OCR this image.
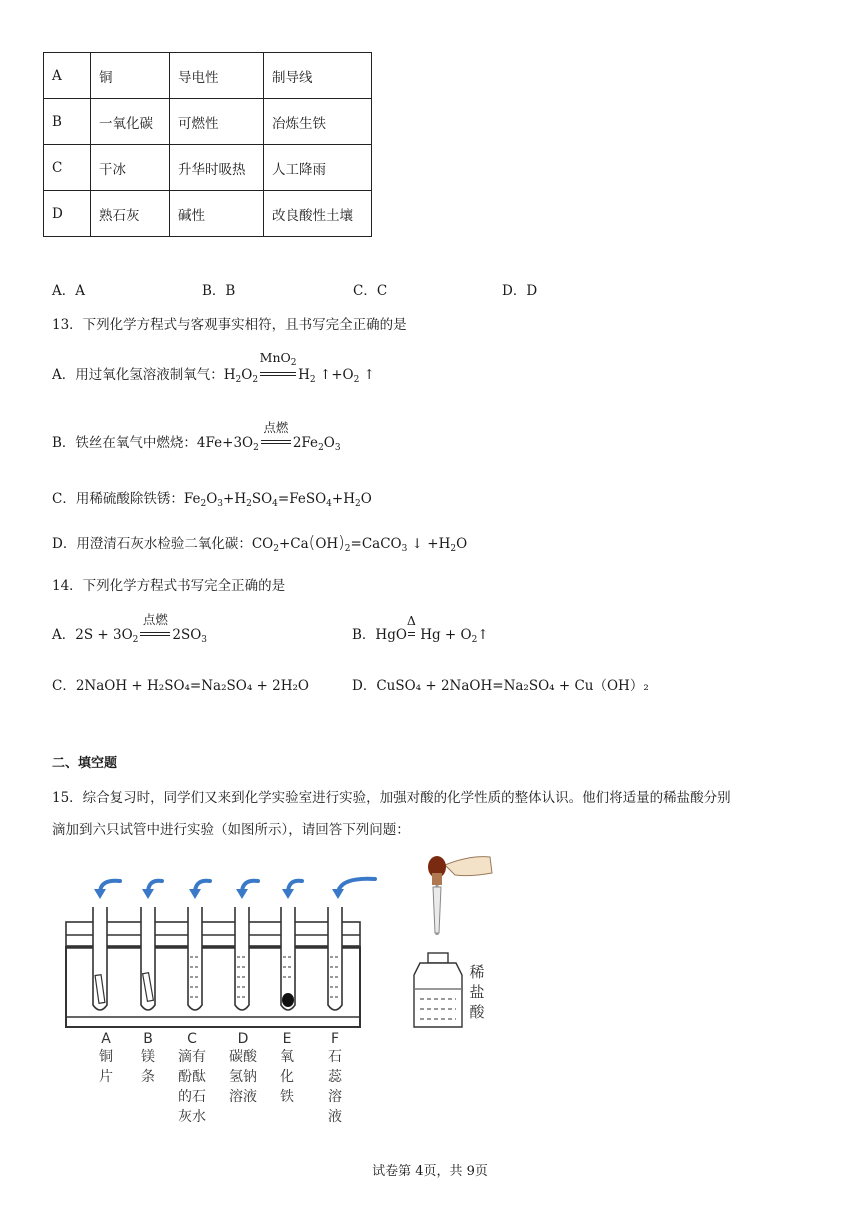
A	铜	导电性	制导线
B	一氧化碳	可燃性	冶炼生铁
C	干冰	升华时吸热	人工降雨
D	熟石灰	碱性	改良酸性土壤
A．A	B．B	C．C	D．D
13．下列化学方程式与客观事实相符，且书写完全正确的是
A．用过氧化氢溶液制氧气：$H_2O_2$
MnO$_2$
$H_2$ $↑+O_2$ ↑
B．铁丝在氧气中燃烧：$4Fe+3O_2$
点燃
$2Fe_2O_3$
C．用稀硫酸除铁锈：$Fe_2O_3+H_2SO_4=FeSO_4+H_2O$
D．用澄清石灰水检验二氧化碳：$CO_2+Ca(OH)_2=CaCO_3$ ↓ $+H_2O$
14．下列化学方程式书写完全正确的是
A．$2S + 3O_2$
点燃
$2SO_3$	B．HgO
Δ
$Hg + O_2↑$
C．2NaOH + H₂SO₄=Na₂SO₄ + 2H₂O	D．CuSO₄ + 2NaOH=Na₂SO₄ + Cu（OH）₂
二、填空题
15．综合复习时，同学们又来到化学实验室进行实验，加强对酸的化学性质的整体认识。他们将适量的稀盐酸分别
滴加到六只试管中进行实验（如图所示），请回答下列问题：
A
铜
片
B
镁
条
C
滴有
酚酞
的石
灰水
D
碳酸
氢钠
溶液
E
氧
化
铁
F
石
蕊
溶
液
稀
盐
酸
试卷第 4页，共 9页
